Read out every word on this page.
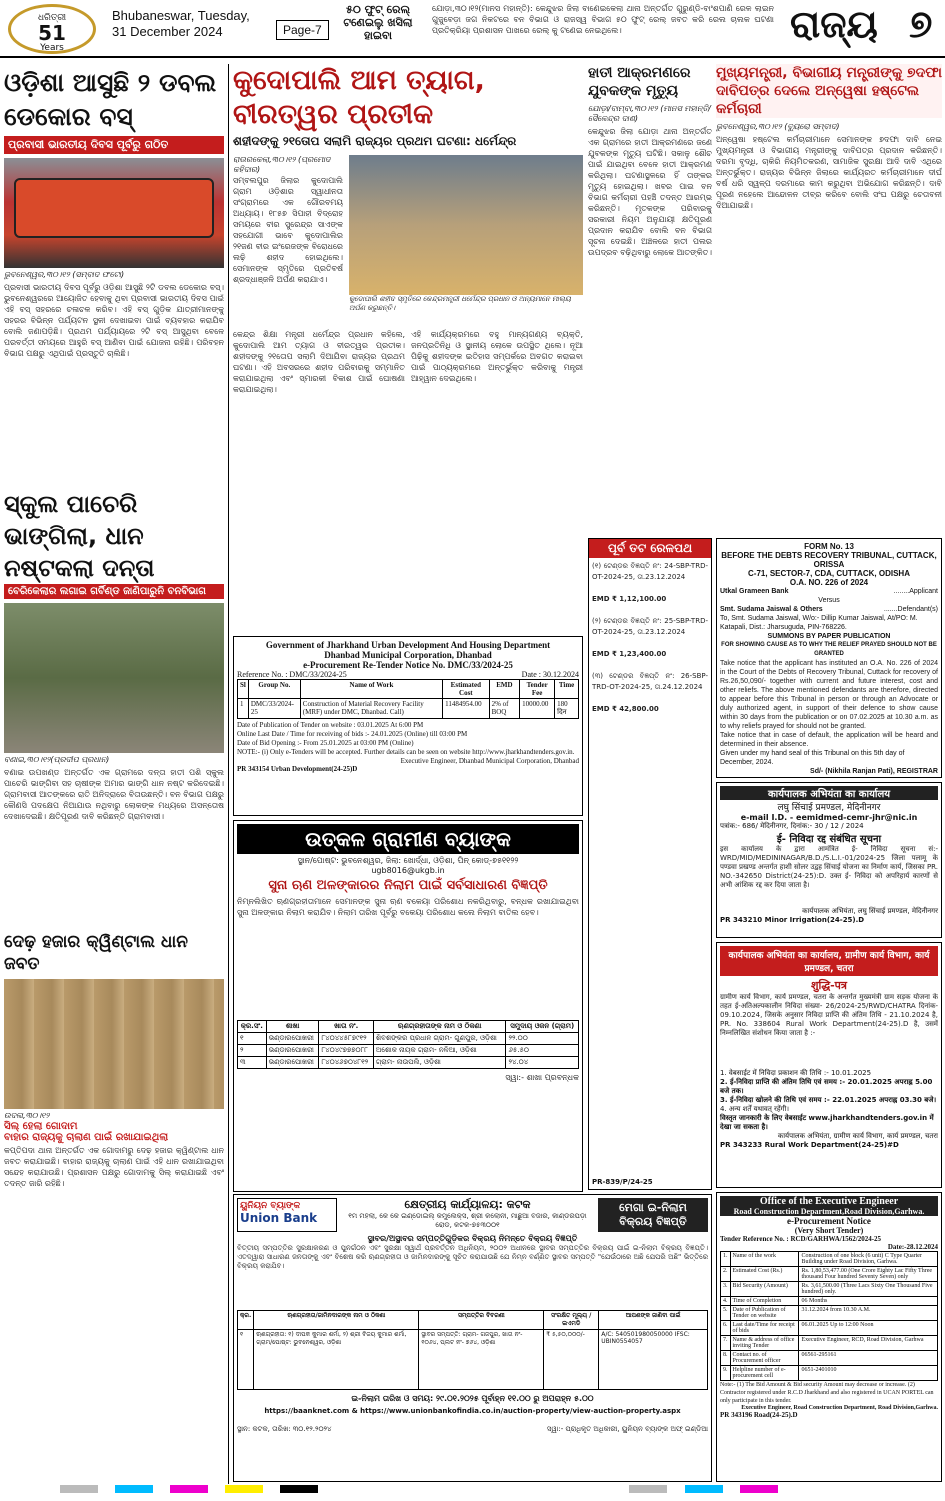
ଧରିତ୍ରୀ
51
Years
Bhubaneswar, Tuesday,
31 December 2024	Page-7
୫୦ ଫୁଟ୍ ରେଲ୍ ଟଣେଇଲୁ ଖସିଲା ହାଇବା
ଯୋଡ଼ା,୩୦।୧୨(ମାନସ ମହାନ୍ତି): କେନ୍ଦୁଝର ଜିଲା ବାଣେଇକେଲା ଥାନା ଅନ୍ତର୍ଗତ ଗୁରୁଣ୍ଡି-ବାଂଶପାଣି ରେଳ ଲାଇନ ଗୁଜୁବେଡ଼ା ଜଗ ନିକଟରେ ବନ ବିଭାଗ ଓ ରାଜସ୍ୱ ବିଭାଗ ୫୦ ଫୁଟ୍ ରେଲ୍ ଜବତ କରି ରେଲ ଚାଲକ ଘଟଣା ପ୍ରତିକ୍ରିୟା ପ୍ରଶାସନ ପାଖରେ ରେଲ୍ କୁ ଟଣେଇ ନେଇଥିଲେ।	ରାଜ୍ୟ ୭
ଓଡ଼ିଶା ଆସୁଛି ୨ ଡବଲ ଡେକୋର ବସ୍
ପ୍ରବାସୀ ଭାରତୀୟ ଦିବସ ପୂର୍ବରୁ ଗଠିତ
ଭୁବନେଶ୍ୱର,୩୦।୧୨ (ସମ୍ବାଦ ଫଟୋ)
ପ୍ରବାସୀ ଭାରତୀୟ ଦିବସ ପୂର୍ବରୁ ଓଡ଼ିଶା ଆସୁଛି ୨ଟି ଡବଲ ଡେକୋର ବସ୍। ଭୁବନେଶ୍ୱରରେ ଆୟୋଜିତ ହେବାକୁ ଥିବା ପ୍ରବାସୀ ଭାରତୀୟ ଦିବସ ପାଇଁ ଏହି ବସ୍ ସହରରେ ଚଳାଚଳ କରିବ। ଏହି ବସ୍ ଗୁଡ଼ିକ ଯାତ୍ରୀମାନଙ୍କୁ ସହରର ବିଭିନ୍ନ ପର୍ଯ୍ୟଟନ ସ୍ଥଳୀ ଦେଖାଇବା ପାଇଁ ବ୍ୟବହାର କରାଯିବ ବୋଲି ଜଣାପଡ଼ିଛି। ପ୍ରଥମ ପର୍ଯ୍ୟାୟରେ ୨ଟି ବସ୍ ଆସୁଥିବା ବେଳେ ପରବର୍ତ୍ତୀ ସମୟରେ ଆହୁରି ବସ୍ ଆଣିବା ପାଇଁ ଯୋଜନା ରହିଛି। ପରିବହନ ବିଭାଗ ପକ୍ଷରୁ ଏଥିପାଇଁ ପ୍ରସ୍ତୁତି ଚାଲିଛି।
ସ୍କୁଲ ପାଚେରି ଭାଙ୍ଗିଲା, ଧାନ ନଷ୍ଟକଲା ଦନ୍ତା
ବେରିକେଲାର ଲଗାଇ ଗର୍ବିଣ୍ଡ ଜାଣିପାରୁନି ବନବିଭାଗ
ବଣାଇ,୩୦।୧୨(ପ୍ରଦୀପ ପ୍ରଧାନ)
ବଣାଇ ଉପଖଣ୍ଡ ଅନ୍ତର୍ଗତ ଏକ ଗ୍ରାମରେ ଦନ୍ତା ହାତୀ ପଶି ସ୍କୁଲ ପାଚେରି ଭାଙ୍ଗିବା ସହ ଚାଷୀଙ୍କ ଅମାର ଭାଙ୍ଗି ଧାନ ନଷ୍ଟ କରିଦେଇଛି। ଗ୍ରାମବାସୀ ଆତଙ୍କରେ ରାତି ଅନିଦ୍ରାରେ ବିତାଉଛନ୍ତି। ବନ ବିଭାଗ ପକ୍ଷରୁ କୌଣସି ପଦକ୍ଷେପ ନିଆଯାଉ ନଥିବାରୁ ଲୋକଙ୍କ ମଧ୍ୟରେ ଅସନ୍ତୋଷ ଦେଖାଦେଇଛି। କ୍ଷତିପୂରଣ ଦାବି କରିଛନ୍ତି ଗ୍ରାମବାସୀ।
ଦେଢ଼ ହଜାର କ୍ୱିଣ୍ଟାଲ ଧାନ ଜବତ
ଉଦଳା,୩୦।୧୨
ସିଲ୍ ହେଲା ଗୋଦାମ
ବାହାର ରାଜ୍ୟକୁ ଚାଲାଣ ପାଇଁ ରଖାଯାଇଥିଲା
କପ୍ତିପଦା ଥାନା ଅନ୍ତର୍ଗତ ଏକ ଗୋଦାମରୁ ଦେଢ଼ ହଜାର କ୍ୱିଣ୍ଟାଲ ଧାନ ଜବତ କରାଯାଇଛି। ବାହାର ରାଜ୍ୟକୁ ଚାଲାଣ ପାଇଁ ଏହି ଧାନ ରଖାଯାଇଥିବା ସନ୍ଦେହ କରାଯାଉଛି। ପ୍ରଶାସନ ପକ୍ଷରୁ ଗୋଦାମକୁ ସିଲ୍ କରାଯାଇଛି ଏବଂ ତଦନ୍ତ ଜାରି ରହିଛି।
କୁଦୋପାଲି ଆମ ତ୍ୟାଗ, ବୀରତ୍ୱର ପ୍ରତୀକ
ଶହୀଦଙ୍କୁ ୨୧ତୋପ ସଲାମି ରାଜ୍ୟର ପ୍ରଥମ ଘଟଣା: ଧର୍ମେନ୍ଦ୍ର
ରାଉରକେଲା,୩୦।୧୨ (ପ୍ରମୋଦ କହିଦାର)
ସମ୍ବଲପୁର ଜିଲାର କୁଦୋପାଲି ଗ୍ରାମ ଓଡ଼ିଶାର ସ୍ୱାଧୀନତା ସଂଗ୍ରାମରେ ଏକ ଗୌରବମୟ ଅଧ୍ୟାୟ। ୧୮୫୭ ସିପାହୀ ବିଦ୍ରୋହ ସମୟରେ ବୀର ସୁରେନ୍ଦ୍ର ସାଏଙ୍କ ସହଯୋଗୀ ଭାବେ କୁଦୋପାଲିର ୨୧ଜଣ ବୀର ଇଂରେଜଙ୍କ ବିରୋଧରେ ଲଢ଼ି ଶହୀଦ ହୋଇଥିଲେ। ସେମାନଙ୍କ ସ୍ମୃତିରେ ପ୍ରତିବର୍ଷ ଶ୍ରଦ୍ଧାଞ୍ଜଳି ଅର୍ପଣ କରାଯାଏ।
କୁଦୋପାଲି ଶହୀଦ ସ୍ମୃତିରେ କେନ୍ଦ୍ରମନ୍ତ୍ରୀ ଧର୍ମେନ୍ଦ୍ର ପ୍ରଧାନ ଓ ଅନ୍ୟମାନେ ମାଲ୍ୟ ଅର୍ପଣ କରୁଛନ୍ତି।
କେନ୍ଦ୍ର ଶିକ୍ଷା ମନ୍ତ୍ରୀ ଧର୍ମେନ୍ଦ୍ର ପ୍ରଧାନ କହିଲେ, କୁଦୋପାଲି ଆମ ତ୍ୟାଗ ଓ ବୀରତ୍ୱର ପ୍ରତୀକ। ଶହୀଦଙ୍କୁ ୨୧ତୋପ ସଲାମି ଦିଆଯିବା ରାଜ୍ୟର ପ୍ରଥମ ଘଟଣା। ଏହି ଅବସରରେ ଶହୀଦ ପରିବାରକୁ ସମ୍ମାନିତ କରାଯାଇଥିଲା ଏବଂ ସ୍ମାରକୀ ବିକାଶ ପାଇଁ ଘୋଷଣା କରାଯାଇଥିଲା।
ଏହି କାର୍ଯ୍ୟକ୍ରମରେ ବହୁ ମାନ୍ୟଗଣ୍ୟ ବ୍ୟକ୍ତି, ଜନପ୍ରତିନିଧି ଓ ସ୍ଥାନୀୟ ଲୋକେ ଉପସ୍ଥିତ ଥିଲେ। ନୂଆ ପିଢ଼ିକୁ ଶହୀଦଙ୍କ ଇତିହାସ ସମ୍ପର୍କରେ ଅବଗତ କରାଇବା ପାଇଁ ପାଠ୍ୟକ୍ରମରେ ଅନ୍ତର୍ଭୁକ୍ତ କରିବାକୁ ମନ୍ତ୍ରୀ ଆହ୍ୱାନ ଦେଇଥିଲେ।
ହାତୀ ଆକ୍ରମଣରେ ଯୁବକଙ୍କ ମୃତ୍ୟୁ
ଯୋଡ଼ା/ବାମ୍ବା,୩୦।୧୨ (ମାନସ ମହାନ୍ତି/ସୈଳେନ୍ଦ୍ର ଦାଶ)
କେନ୍ଦୁଝର ଜିଲା ଯୋଡ଼ା ଥାନା ଅନ୍ତର୍ଗତ ଏକ ଗ୍ରାମରେ ହାତୀ ଆକ୍ରମଣରେ ଜଣେ ଯୁବକଙ୍କ ମୃତ୍ୟୁ ଘଟିଛି। ସକାଳୁ ଶୌଚ ପାଇଁ ଯାଇଥିବା ବେଳେ ହାତୀ ଆକ୍ରମଣ କରିଥିଲା। ଘଟଣାସ୍ଥଳରେ ହିଁ ତାଙ୍କର ମୃତ୍ୟୁ ହୋଇଥିଲା। ଖବର ପାଇ ବନ ବିଭାଗ କର୍ମଚାରୀ ପହଞ୍ଚି ତଦନ୍ତ ଆରମ୍ଭ କରିଛନ୍ତି। ମୃତକଙ୍କ ପରିବାରକୁ ସରକାରୀ ନିୟମ ଅନୁଯାୟୀ କ୍ଷତିପୂରଣ ପ୍ରଦାନ କରାଯିବ ବୋଲି ବନ ବିଭାଗ ସୂଚନା ଦେଇଛି। ଅଞ୍ଚଳରେ ହାତୀ ପଲର ଉପଦ୍ରବ ବଢ଼ିଥିବାରୁ ଲୋକେ ଆତଙ୍କିତ।
ମୁଖ୍ୟମନ୍ତ୍ରୀ, ବିଭାଗୀୟ ମନ୍ତ୍ରୀଙ୍କୁ ୭ଦଫା ଦାବିପତ୍ର ଦେଲେ ଅନ୍ୱେଷା ହଷ୍ଟେଲ କର୍ମଚାରୀ
ଭୁବନେଶ୍ୱର,୩୦।୧୨ (ବ୍ୟୁରୋ ସମ୍ବାଦ)
ଅନ୍ୱେଷା ହଷ୍ଟେଲ କର୍ମଚାରୀମାନେ ସେମାନଙ୍କ ୭ଦଫା ଦାବି ନେଇ ମୁଖ୍ୟମନ୍ତ୍ରୀ ଓ ବିଭାଗୀୟ ମନ୍ତ୍ରୀଙ୍କୁ ଦାବିପତ୍ର ପ୍ରଦାନ କରିଛନ୍ତି। ଦରମା ବୃଦ୍ଧି, ଚାକିରି ନିୟମିତକରଣ, ସାମାଜିକ ସୁରକ୍ଷା ଆଦି ଦାବି ଏଥିରେ ଅନ୍ତର୍ଭୁକ୍ତ। ରାଜ୍ୟର ବିଭିନ୍ନ ଜିଲାରେ କାର୍ଯ୍ୟରତ କର୍ମଚାରୀମାନେ ଦୀର୍ଘ ବର୍ଷ ଧରି ସ୍ୱଳ୍ପ ଦରମାରେ କାମ କରୁଥିବା ଅଭିଯୋଗ କରିଛନ୍ତି। ଦାବି ପୂରଣ ନହେଲେ ଆନ୍ଦୋଳନ ତୀବ୍ର କରିବେ ବୋଲି ସଂଘ ପକ୍ଷରୁ ଚେତାବନୀ ଦିଆଯାଇଛି।
ପୂର୍ବ ତଟ ରେଳପଥ
(୧) ଟେଣ୍ଡର ବିଜ୍ଞପ୍ତି ନଂ: 24-SBP-TRD-OT-2024-25, ତା.23.12.2024

EMD ₹ 1,12,100.00

(୨) ଟେଣ୍ଡର ବିଜ୍ଞପ୍ତି ନଂ: 25-SBP-TRD-OT-2024-25, ତା.23.12.2024

EMD ₹ 1,23,400.00

(୩) ଟେଣ୍ଡର ବିଜ୍ଞପ୍ତି ନଂ: 26-SBP-TRD-OT-2024-25, ତା.24.12.2024

EMD ₹ 42,800.00
PR-839/P/24-25
Government of Jharkhand Urban Development And Housing Department
Dhanbad Municipal Corporation, Dhanbad
e-Procurement Re-Tender Notice No. DMC/33/2024-25
Reference No. : DMC/33/2024-25	Date : 30.12.2024
Sl	Group No.	Name of Work	Estimated Cost	EMD	Tender Fee	Time
1	DMC/33/2024-25	Construction of Material Recovery Facility (MRF) under DMC, Dhanbad. Call)	11484954.00	2% of BOQ	10000.00	180 दिन
Date of Publication of Tender on website : 03.01.2025 At 6:00 PM
Online Last Date / Time for receiving of bids :- 24.01.2025 (Online) till 03:00 PM
Date of Bid Opening :- From 25.01.2025 at 03:00 PM (Online)
NOTE:- (i) Only e-Tenders will be accepted. Further details can be seen on website http://www.jharkhandtenders.gov.in.
Executive Engineer, Dhanbad Municipal Corporation, Dhanbad
PR 343154 Urban Development(24-25)D
ଉତ୍କଳ ଗ୍ରାମୀଣ ବ୍ୟାଙ୍କ
ସ୍ଥାନ/ପୋଷ୍ଟ: ଭୁବନେଶ୍ୱର, ଜିଲା: ଖୋର୍ଦ୍ଧା, ଓଡ଼ିଶା, ପିନ୍ କୋଡ୍-୭୫୧୧୨୨
ugb8016@ukgb.in
ସୁନା ଋଣ ଅଳଙ୍କାରର ନିଲାମ ପାଇଁ ସର୍ବସାଧାରଣ ବିଜ୍ଞପ୍ତି
ନିମ୍ନଲିଖିତ ଋଣଗ୍ରହୀତାମାନେ ସେମାନଙ୍କ ସୁନା ଋଣ ବକେୟା ପରିଶୋଧ ନକରିଥିବାରୁ, ବନ୍ଧକ ରଖାଯାଇଥିବା ସୁନା ଅଳଙ୍କାର ନିଲାମ କରାଯିବ। ନିଲାମ ତାରିଖ ପୂର୍ବରୁ ବକେୟା ପରିଶୋଧ କଲେ ନିଲାମ ବାତିଲ ହେବ।
କ୍ର.ସଂ.	ଶାଖା	ଖାତା ନଂ.	ଋଣଗ୍ରହୀତାଙ୍କ ନାମ ଓ ଠିକଣା	ସମୁଦାୟ ଓଜନ (ଗ୍ରାମ)
୧	ଭଣ୍ଡାରପୋଖରୀ	୮୪୦୪୪୫୮୭୯୧୨	ଶିବଶଙ୍କର ପ୍ରଧାନ ଗ୍ରାମ- ଗୁଣପୁର, ଓଡ଼ିଶା	୨୨.୦୦
୨	ଭଣ୍ଡାରପୋଖରୀ	୮୪୦୪୯୭୭୭୦୮୮	ଅଶୋକ ନାୟକ ଗ୍ରାମ- ନଳିଆ, ଓଡ଼ିଶା	୬୫.୫୦
୩	ଭଣ୍ଡାରପୋଖରୀ	୮୪୦୪୬୭୦୪୮୧୨	ଗ୍ରାମ- ନାଉପଲି, ଓଡ଼ିଶା	୨୪.୦୪
ସ୍ୱା:- ଶାଖା ପ୍ରବନ୍ଧକ
FORM No. 13
BEFORE THE DEBTS RECOVERY TRIBUNAL, CUTTACK, ORISSA
C-71, SECTOR-7, CDA, CUTTACK, ODISHA
O.A. NO. 226 of 2024
Utkal Grameen Bank	........Applicant
Versus
Smt. Sudama Jaiswal & Others	.......Defendant(s)
To, Smt. Sudama Jaiswal, W/o:- Dillip Kumar Jaiswal, At/PO: M. Katapali, Dist.: Jharsuguda, PIN-768226.
SUMMONS BY PAPER PUBLICATION
FOR SHOWING CAUSE AS TO WHY THE RELIEF PRAYED SHOULD NOT BE GRANTED
Take notice that the applicant has instituted an O.A. No. 226 of 2024 in the Court of the Debts of Recovery Tribunal, Cuttack for recovery of Rs.26,50,090/- together with current and future interest, cost and other reliefs. The above mentioned defendants are therefore, directed to appear before this Tribunal in person or through an Advocate or duly authorized agent, in support of their defence to show cause within 30 days from the publication or on 07.02.2025 at 10.30 a.m. as to why reliefs prayed for should not be granted.
Take notice that in case of default, the application will be heard and determined in their absence.
Given under my hand seal of this Tribunal on this 5th day of December, 2024.
Sd/- (Nikhila Ranjan Pati), REGISTRAR
कार्यपालक अभियंता का कार्यालय
लघु सिंचाई प्रमण्डल, मेदिनीनगर
e-mail I.D. - eemidmed-cemr-jhr@nic.in
पत्रांक:- 686/ मेदिनीनगर, दिनांक:- 30 / 12 / 2024
ई- निविदा रद्द संबंधित सूचना
इस कार्यालय के द्वारा आमंत्रित ई- निविदा सूचना सं:- WRD/MID/MEDININAGAR/B.D./S.L.I.-01/2024-25 जिला पलामू के पण्डवा प्रखण्ड अन्तर्गत हाशी सोलर उद्वह सिंचाई योजना का निर्माण कार्य, जिसका PR. NO.-342650 District(24-25):D. उक्त ई- निविदा को अपरिहार्य कारणों से अभी आंशिक रद्द कर दिया जाता है।
कार्यपालक अभियंता, लघु सिंचाई प्रमण्डल, मेदिनीनगर
PR 343210 Minor Irrigation(24-25).D
कार्यपालक अभियंता का कार्यालय, ग्रामीण कार्य विभाग, कार्य प्रमण्डल, चतरा
शुद्धि-पत्र
ग्रामीण कार्य विभाग, कार्य प्रमण्डल, चतरा के अन्तर्गत मुख्यमंत्री ग्राम सड़क योजना के तहत ई-अतिअल्पकालीन निविदा संख्या- 26/2024-25/RWD/CHATRA दिनांक- 09.10.2024, जिसके अनुसार निविदा प्राप्ति की अंतिम तिथि - 21.10.2024 है, PR. No. 338604 Rural Work Department(24-25).D है, उसमें निम्नलिखित संशोधन किया जाता है :-
1. वेबसाईट में निविदा प्रकाशन की तिथि :- 10.01.2025
2. ई-निविदा प्राप्ति की अंतिम तिथि एवं समय :- 20.01.2025 अपराह्न 5.00 बजे तक।
3. ई-निविदा खोलने की तिथि एवं समय :- 22.01.2025 अपराह्न 03.30 बजे।
4. अन्य शर्तें यथावत् रहेंगी।
विस्तृत जानकारी के लिए वेबसाईट www.jharkhandtenders.gov.in में देखा जा सकता है।
कार्यपालक अभियंता, ग्रामीण कार्य विभाग, कार्य प्रमण्डल, चतरा
PR 343233 Rural Work Department(24-25)#D
Office of the Executive Engineer
Road Construction Department,Road Division,Garhwa.
e-Procurement Notice
(Very Short Tender)
Tender Reference No. : RCD/GARHWA/1562/2024-25
Date:-28.12.2024
1.	Name of the work	Construction of one block (6 unit) C Type Quarter Building under Road Division, Garhwa.
2.	Estimated Cost (Rs.)	Rs. 1,80,53,477.00 (One Crore Eighty Lac Fifty Three thousand Four hundred Seventy Seven) only
3.	Bid Security (Amount)	Rs. 3,61,500.00 (Three Lacs Sixty One Thousand Five hundred) only.
4.	Time of Completion	06 Months
5.	Date of Publication of Tender on website	31.12.2024 from 10.30 A.M.
6.	Last date/Time for receipt of bids	06.01.2025 Up to 12:00 Noon
7.	Name & address of office inviting Tender	Executive Engineer, RCD, Road Division, Garhwa
8.	Contact no. of Procurement officer	06561-295161
9.	Helpline number of e-procurement cell	0651-2401010
Note:- (1) The Bid Amount & Bid security Amount may decrease or increase. (2) Contractor registered under R.C.D Jharkhand and also registered in UCAN PORTEL can only participate in this tender.
Executive Engineer, Road Construction Department, Road Division,Garhwa.
PR 343196 Road(24-25).D
ୟୁନିୟନ ବ୍ୟାଙ୍କ
Union Bank
କ୍ଷେତ୍ରୀୟ କାର୍ଯ୍ୟାଳୟ: କଟକ
୧ମ ମହଲା, କେ କେ ଇଣ୍ଡୋଇଲ୍ କମ୍ପ୍ଲେକ୍ସ, ଶ୍ରୀ କଲୋନୀ, ମାଛୁଆ ବଜାର, କାଣ୍ଡରପଡ଼ା ରୋଡ, କଟକ-୭୫୩୦୦୧
ମେଗା ଇ-ନିଲାମ ବିକ୍ରୟ ବିଜ୍ଞପ୍ତି
ସ୍ଥାବର/ଅସ୍ଥାବର ସମ୍ପତ୍ତିଗୁଡ଼ିକର ବିକ୍ରୟ ନିମନ୍ତେ ବିକ୍ରୟ ବିଜ୍ଞପ୍ତି
ବିତ୍ତୀୟ ସମ୍ପତ୍ତିର ସୁରକ୍ଷାକରଣ ଓ ପୁନର୍ଗଠନ ଏବଂ ସୁରକ୍ଷା ସ୍ୱାର୍ଥ ପ୍ରବର୍ତ୍ତନ ଅଧିନିୟମ, ୨୦୦୨ ଅଧୀନରେ ସ୍ଥାବର ସମ୍ପତ୍ତିର ବିକ୍ରୟ ପାଇଁ ଇ-ନିଲାମ ବିକ୍ରୟ ବିଜ୍ଞପ୍ତି। ଏତଦ୍ୱାରା ସାଧାରଣ ଜନତାଙ୍କୁ ଏବଂ ବିଶେଷ କରି ଋଣଗ୍ରହୀତା ଓ ଜାମିନଦାରଙ୍କୁ ସୂଚିତ କରାଯାଉଛି ଯେ ନିମ୍ନ ବର୍ଣ୍ଣିତ ସ୍ଥାବର ସମ୍ପତ୍ତି "ଯେଉଁଠାରେ ଅଛି ଯେପରି ଅଛି" ଭିତ୍ତିରେ ବିକ୍ରୟ କରାଯିବ।
କ୍ର.	ଋଣଗ୍ରହୀତା/ଜାମିନଦାରଙ୍କ ନାମ ଓ ଠିକଣା	ସମ୍ପତ୍ତିର ବିବରଣୀ	ସଂରକ୍ଷିତ ମୂଲ୍ୟ / ଇଏମଡି	ଆପଣଙ୍କ ଜାଣିବା ପାଇଁ
୧	ଋଣଗ୍ରହୀତା: ୧) ଦୀପକ କୁମାର ଶର୍ମା, ୨) ଶ୍ରୀ ବିଜୟ କୁମାର ଶର୍ମା, ଗ୍ରାମ/ପୋଷ୍ଟ: ଭୁବନେଶ୍ୱର, ଓଡ଼ିଶା	ସ୍ଥାବର ସମ୍ପତ୍ତି: ଗ୍ରାମ- ଗଜପୁର, ଖାତା ନଂ- ୧୦୬୪, ପ୍ଲଟ ନଂ- ୭୬୪, ଓଡ଼ିଶା	₹ ୫,୫୦,୦୦୦/-	A/C: 540501980050000 IFSC: UBIN0554057
ଇ-ନିଲାମ ତାରିଖ ଓ ସମୟ: ୨୯.୦୧.୨୦୨୫ ପୂର୍ବାହ୍ନ ୧୧.୦୦ ରୁ ଅପରାହ୍ନ ୫.୦୦
https://baanknet.com & https://www.unionbankofindia.co.in/auction-property/view-auction-property.aspx
ସ୍ଥାନ: କଟକ, ତାରିଖ: ୩୦.୧୨.୨୦୨୪	ସ୍ୱା:- ପ୍ରାଧିକୃତ ଅଧିକାରୀ, ୟୁନିୟନ ବ୍ୟାଙ୍କ ଅଫ୍ ଇଣ୍ଡିଆ
